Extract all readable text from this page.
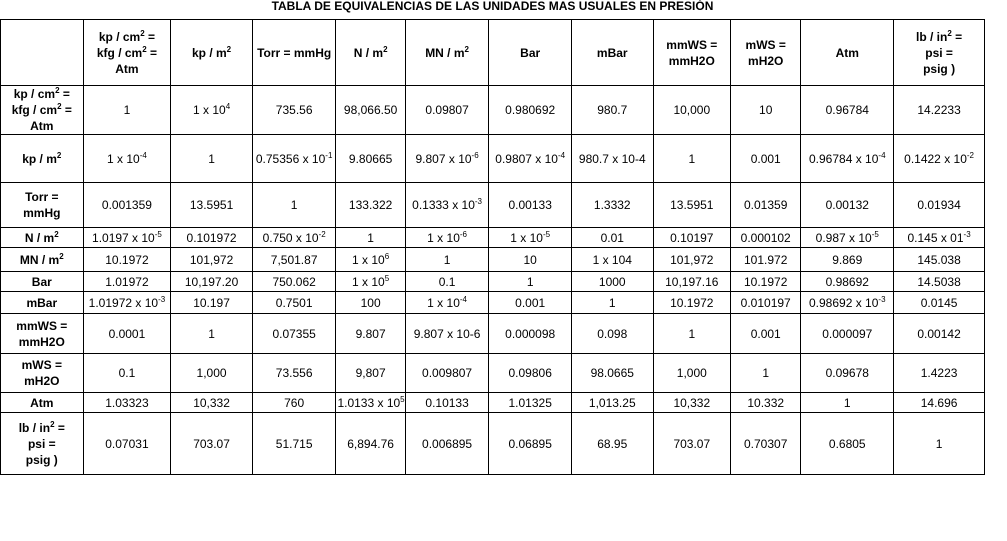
TABLA DE EQUIVALENCIAS DE LAS UNIDADES MAS USUALES EN PRESIÓN

	kp / $cm^2$ =
kfg / $cm^2$ =
Atm	kp / $m^2$	Torr = mmHg	N / $m^2$	MN / $m^2$	Bar	mBar	mmWS =
mmH2O	mWS =
mH2O	Atm	lb / $in^2$ =
psi =
psig )

kp / $cm^2$ =
kfg / $cm^2$ =
Atm	1	1 x $10^4$	735.56	98,066.50	0.09807	0.980692	980.7	10,000	10	0.96784	14.2233

kp / $m^2$	1 x $10^{-4}$	1	0.75356 x $10^{-1}$	9.80665	9.807 x $10^{-6}$	0.9807 x $10^{-4}$	980.7 x 10-4	1	0.001	0.96784 x $10^{-4}$	0.1422 x $10^{-2}$

Torr =
mmHg	0.001359	13.5951	1	133.322	0.1333 x $10^{-3}$	0.00133	1.3332	13.5951	0.01359	0.00132	0.01934

N / $m^2$	1.0197 x $10^{-5}$	0.101972	0.750 x $10^{-2}$	1	1 x $10^{-6}$	1 x $10^{-5}$	0.01	0.10197	0.000102	0.987 x $10^{-5}$	0.145 x $01^{-3}$

MN / $m^2$	10.1972	101,972	7,501.87	1 x $10^6$	1	10	1 x 104	101,972	101.972	9.869	145.038

Bar	1.01972	10,197.20	750.062	1 x $10^5$	0.1	1	1000	10,197.16	10.1972	0.98692	14.5038

mBar	1.01972 x $10^{-3}$	10.197	0.7501	100	1 x $10^{-4}$	0.001	1	10.1972	0.010197	0.98692 x $10^{-3}$	0.0145

mmWS =
mmH2O	0.0001	1	0.07355	9.807	9.807 x 10-6	0.000098	0.098	1	0.001	0.000097	0.00142

mWS =
mH2O	0.1	1,000	73.556	9,807	0.009807	0.09806	98.0665	1,000	1	0.09678	1.4223

Atm	1.03323	10,332	760	1.0133 x $10^5$	0.10133	1.01325	1,013.25	10,332	10.332	1	14.696

lb / $in^2$ =
psi =
psig )	0.07031	703.07	51.715	6,894.76	0.006895	0.06895	68.95	703.07	0.70307	0.6805	1
